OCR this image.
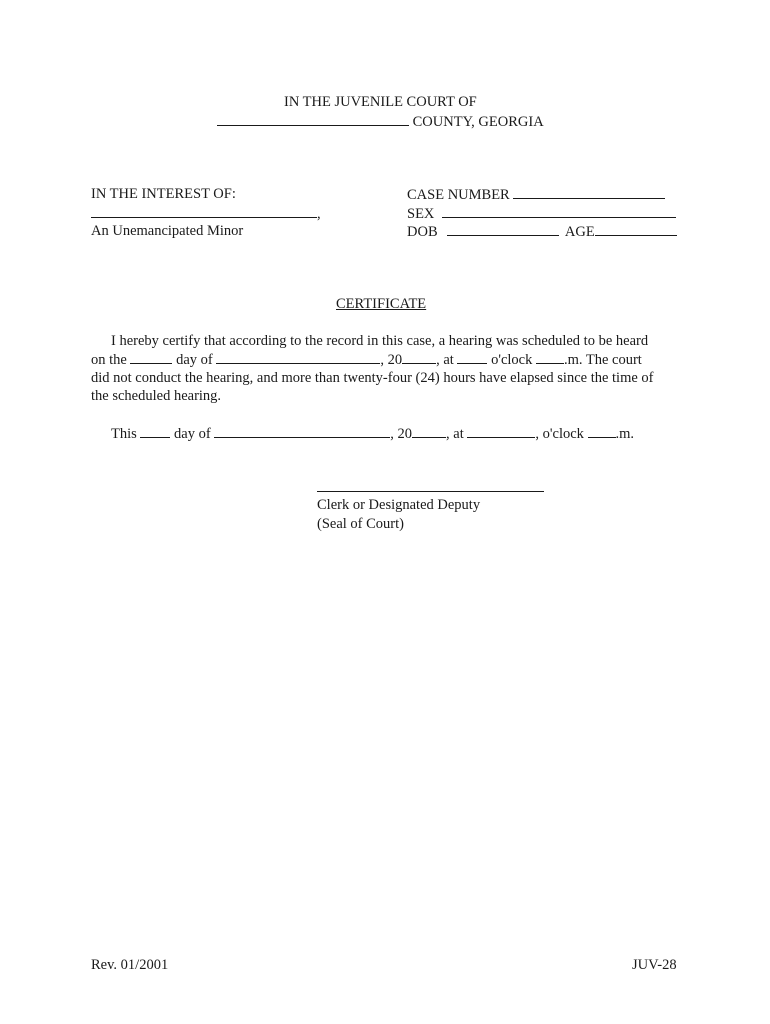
IN THE JUVENILE COURT OF
COUNTY, GEORGIA
IN THE INTEREST OF:
,
An Unemancipated Minor
CASE NUMBER
SEX
DOB	AGE
CERTIFICATE
I hereby certify that according to the record in this case, a hearing was scheduled to be heard
on the	day of	, 20 , at	o'clock .m. The court
did not conduct the hearing, and more than twenty-four (24) hours have elapsed since the time of
the scheduled hearing.
This	day of	, 20 , at	, o'clock .m.
Clerk or Designated Deputy
(Seal of Court)
Rev. 01/2001	JUV-28
